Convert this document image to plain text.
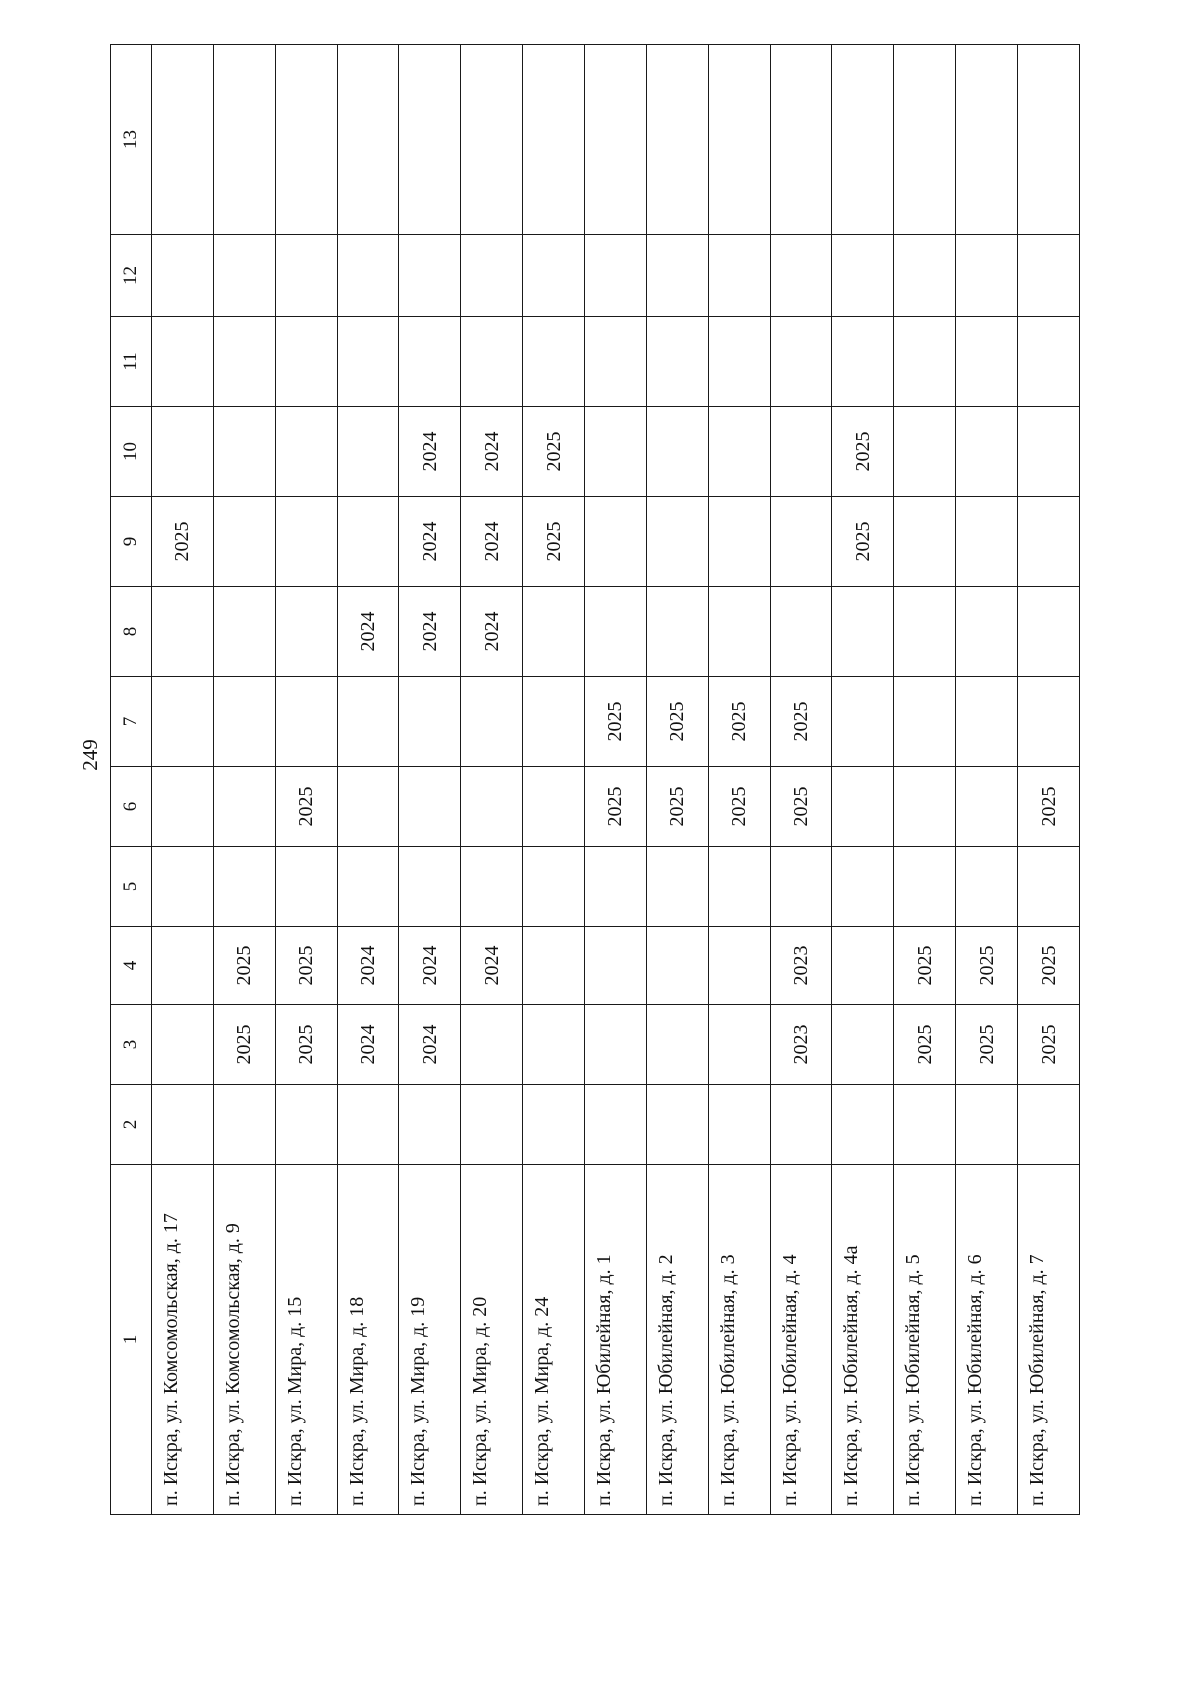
249
1	2	3	4	5	6	7	8	9	10	11	12	13
п. Искра, ул. Комсомольская, д. 17								2025				
п. Искра, ул. Комсомольская, д. 9		2025	2025									
п. Искра, ул. Мира, д. 15		2025	2025		2025							
п. Искра, ул. Мира, д. 18		2024	2024				2024					
п. Искра, ул. Мира, д. 19		2024	2024				2024	2024	2024			
п. Искра, ул. Мира, д. 20			2024				2024	2024	2024			
п. Искра, ул. Мира, д. 24								2025	2025			
п. Искра, ул. Юбилейная, д. 1					2025	2025						
п. Искра, ул. Юбилейная, д. 2					2025	2025						
п. Искра, ул. Юбилейная, д. 3					2025	2025						
п. Искра, ул. Юбилейная, д. 4		2023	2023		2025	2025						
п. Искра, ул. Юбилейная, д. 4а								2025	2025			
п. Искра, ул. Юбилейная, д. 5		2025	2025									
п. Искра, ул. Юбилейная, д. 6		2025	2025									
п. Искра, ул. Юбилейная, д. 7		2025	2025		2025							
